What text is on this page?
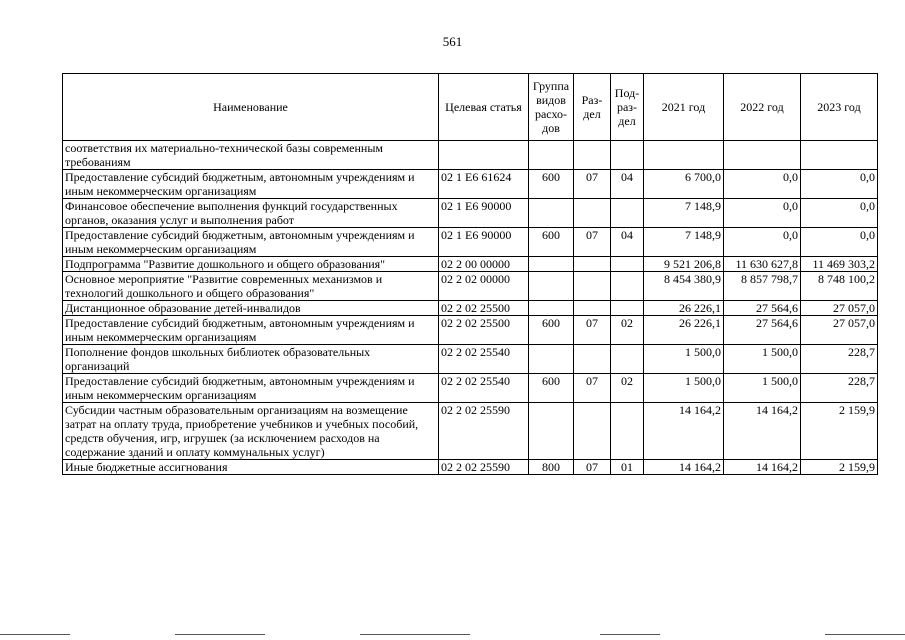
561
Наименование	Целевая статья	Группа видов расхо-дов	Раз-дел	Под-раз-дел	2021 год	2022 год	2023 год
соответствия их материально-технической базы современным требованиям							
Предоставление субсидий бюджетным, автономным учреждениям и иным некоммерческим организациям	02 1 E6 61624	600	07	04	6 700,0	0,0	0,0
Финансовое обеспечение выполнения функций государственных органов, оказания услуг и выполнения работ	02 1 E6 90000				7 148,9	0,0	0,0
Предоставление субсидий бюджетным, автономным учреждениям и иным некоммерческим организациям	02 1 E6 90000	600	07	04	7 148,9	0,0	0,0
Подпрограмма "Развитие дошкольного и общего образования"	02 2 00 00000				9 521 206,8	11 630 627,8	11 469 303,2
Основное мероприятие "Развитие современных механизмов и технологий дошкольного и общего образования"	02 2 02 00000				8 454 380,9	8 857 798,7	8 748 100,2
Дистанционное образование детей-инвалидов	02 2 02 25500				26 226,1	27 564,6	27 057,0
Предоставление субсидий бюджетным, автономным учреждениям и иным некоммерческим организациям	02 2 02 25500	600	07	02	26 226,1	27 564,6	27 057,0
Пополнение фондов школьных библиотек образовательных организаций	02 2 02 25540				1 500,0	1 500,0	228,7
Предоставление субсидий бюджетным, автономным учреждениям и иным некоммерческим организациям	02 2 02 25540	600	07	02	1 500,0	1 500,0	228,7
Субсидии частным образовательным организациям на возмещение затрат на оплату труда, приобретение учебников и учебных пособий, средств обучения, игр, игрушек (за исключением расходов на содержание зданий и оплату коммунальных услуг)	02 2 02 25590				14 164,2	14 164,2	2 159,9
Иные бюджетные ассигнования	02 2 02 25590	800	07	01	14 164,2	14 164,2	2 159,9
